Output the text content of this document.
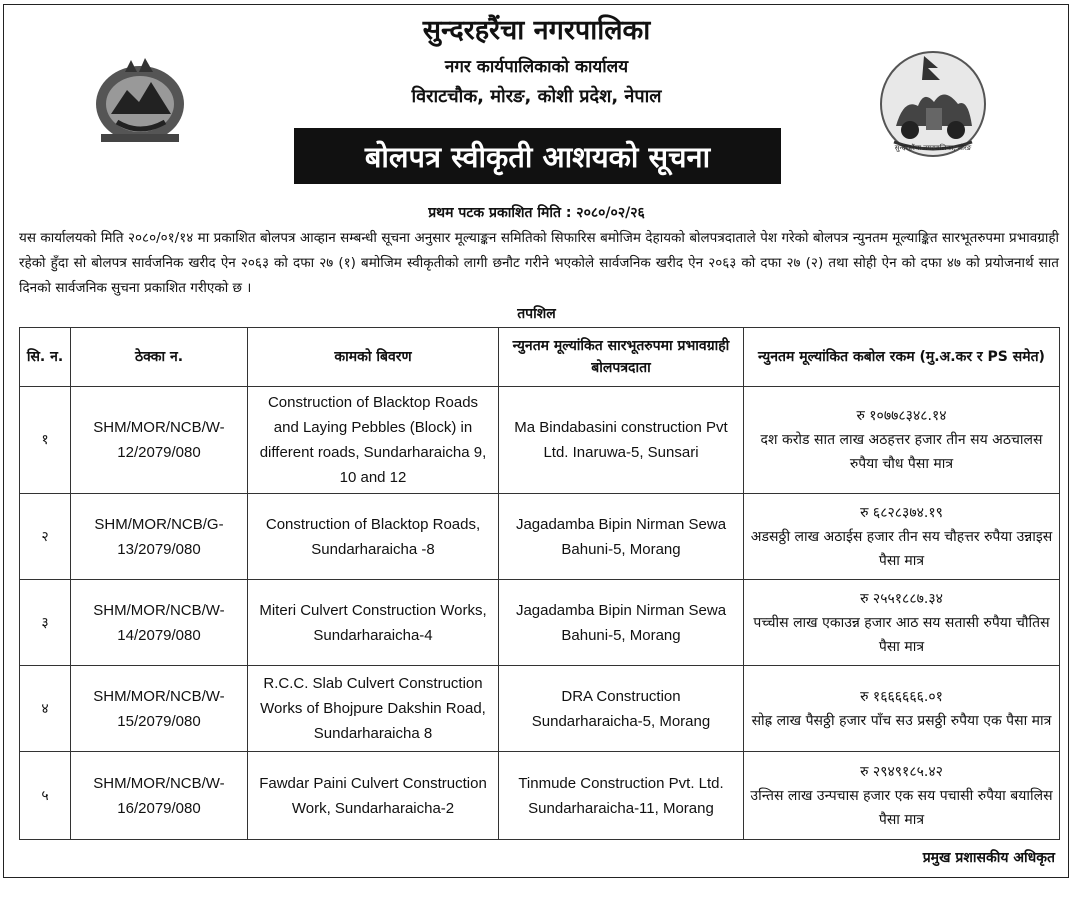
सुन्दरहरैंचा नगरपालिका, मोरङ
सुन्दरहरैंचा नगरपालिका
नगर कार्यपालिकाको कार्यालय
विराटचौक, मोरङ, कोशी प्रदेश, नेपाल
बोलपत्र स्वीकृती आशयको सूचना
प्रथम पटक प्रकाशित मिति : २०८०/०२/२६
यस कार्यालयको मिति २०८०/०१/१४ मा प्रकाशित बोलपत्र आव्हान सम्बन्धी सूचना अनुसार मूल्याङ्कन समितिको सिफारिस बमोजिम देहायको बोलपत्रदाताले पेश गरेको बोलपत्र न्युनतम मूल्याङ्कित सारभूतरुपमा प्रभावग्राही रहेको हुँदा सो बोलपत्र सार्वजनिक खरीद ऐन २०६३ को दफा २७ (१) बमोजिम स्वीकृतीको लागी छनौट गरीने भएकोले सार्वजनिक खरीद ऐन २०६३ को दफा २७ (२) तथा सोही ऐन को दफा ४७ को प्रयोजनार्थ सात दिनको सार्वजनिक सुचना प्रकाशित गरीएको छ ।
तपशिल
सि. न.	ठेक्का न.	कामको बिवरण	न्युनतम मूल्यांकित सारभूतरुपमा प्रभावग्राही बोलपत्रदाता	न्युनतम मूल्यांकित कबोल रकम (मु.अ.कर र PS समेत)
१	SHM/MOR/NCB/W-12/2079/080	Construction of Blacktop Roads and Laying Pebbles (Block) in different roads, Sundarharaicha 9, 10 and 12	Ma Bindabasini construction Pvt Ltd. Inaruwa-5, Sunsari	रु १०७७८३४८.१४
दश करोड सात लाख अठहत्तर हजार तीन सय अठचालस रुपैया चौध पैसा मात्र

२	SHM/MOR/NCB/G-13/2079/080	Construction of Blacktop Roads, Sundarharaicha -8	Jagadamba Bipin Nirman Sewa Bahuni-5, Morang	रु ६८२८३७४.१९
अडसठ्ठी लाख अठाईस हजार तीन सय चौहत्तर रुपैया उन्नाइस पैसा मात्र

३	SHM/MOR/NCB/W-14/2079/080	Miteri Culvert Construction Works, Sundarharaicha-4	Jagadamba Bipin Nirman Sewa Bahuni-5, Morang	रु २५५१८८७.३४
पच्चीस लाख एकाउन्न हजार आठ सय सतासी रुपैया चौतिस पैसा मात्र

४	SHM/MOR/NCB/W-15/2079/080	R.C.C. Slab Culvert Construction Works of Bhojpure Dakshin Road, Sundarharaicha 8	DRA Construction Sundarharaicha-5, Morang	रु १६६६६६६.०१
सोह्र लाख पैसठ्ठी हजार पाँच सउ प्रसठ्ठी रुपैया एक पैसा मात्र

५	SHM/MOR/NCB/W-16/2079/080	Fawdar Paini Culvert Construction Work, Sundarharaicha-2	Tinmude Construction Pvt. Ltd. Sundarharaicha-11, Morang	रु २९४९१८५.४२
उन्तिस लाख उन्पचास हजार एक सय पचासी रुपैया बयालिस पैसा मात्र
प्रमुख प्रशासकीय अधिकृत
